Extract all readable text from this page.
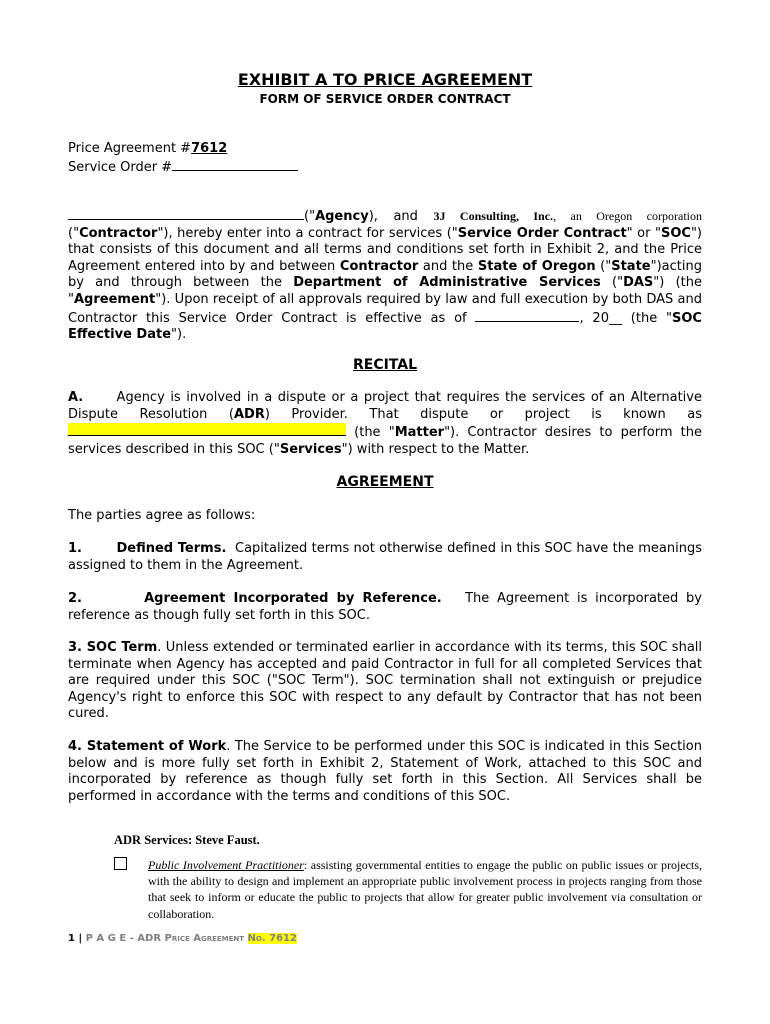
EXHIBIT A TO PRICE AGREEMENT
FORM OF SERVICE ORDER CONTRACT
Price Agreement #7612
Service Order #
("Agency), and 3J Consulting, Inc., an Oregon corporation ("Contractor"), hereby enter into a contract for services ("Service Order Contract" or "SOC") that consists of this document and all terms and conditions set forth in Exhibit 2, and the Price Agreement entered into by and between Contractor and the State of Oregon ("State")acting by and through between the Department of Administrative Services ("DAS") (the "Agreement"). Upon receipt of all approvals required by law and full execution by both DAS and Contractor this Service Order Contract is effective as of	, 20__ (the "SOC Effective Date").
RECITAL
A.	Agency is involved in a dispute or a project that requires the services of an Alternative Dispute Resolution (ADR) Provider. That dispute or project is known as  (the "Matter"). Contractor desires to perform the services described in this SOC ("Services") with respect to the Matter.
AGREEMENT
The parties agree as follows:
1.	Defined Terms. Capitalized terms not otherwise defined in this SOC have the meanings assigned to them in the Agreement.
2.	Agreement Incorporated by Reference. The Agreement is incorporated by reference as though fully set forth in this SOC.
3. SOC Term. Unless extended or terminated earlier in accordance with its terms, this SOC shall terminate when Agency has accepted and paid Contractor in full for all completed Services that are required under this SOC ("SOC Term"). SOC termination shall not extinguish or prejudice Agency's right to enforce this SOC with respect to any default by Contractor that has not been cured.
4. Statement of Work. The Service to be performed under this SOC is indicated in this Section below and is more fully set forth in Exhibit 2, Statement of Work, attached to this SOC and incorporated by reference as though fully set forth in this Section. All Services shall be performed in accordance with the terms and conditions of this SOC.
ADR Services: Steve Faust.
Public Involvement Practitioner: assisting governmental entities to engage the public on public issues or projects, with the ability to design and implement an appropriate public involvement process in projects ranging from those that seek to inform or educate the public to projects that allow for greater public involvement via consultation or collaboration.
1 | P A G E - ADR Price Agreement No. 7612
